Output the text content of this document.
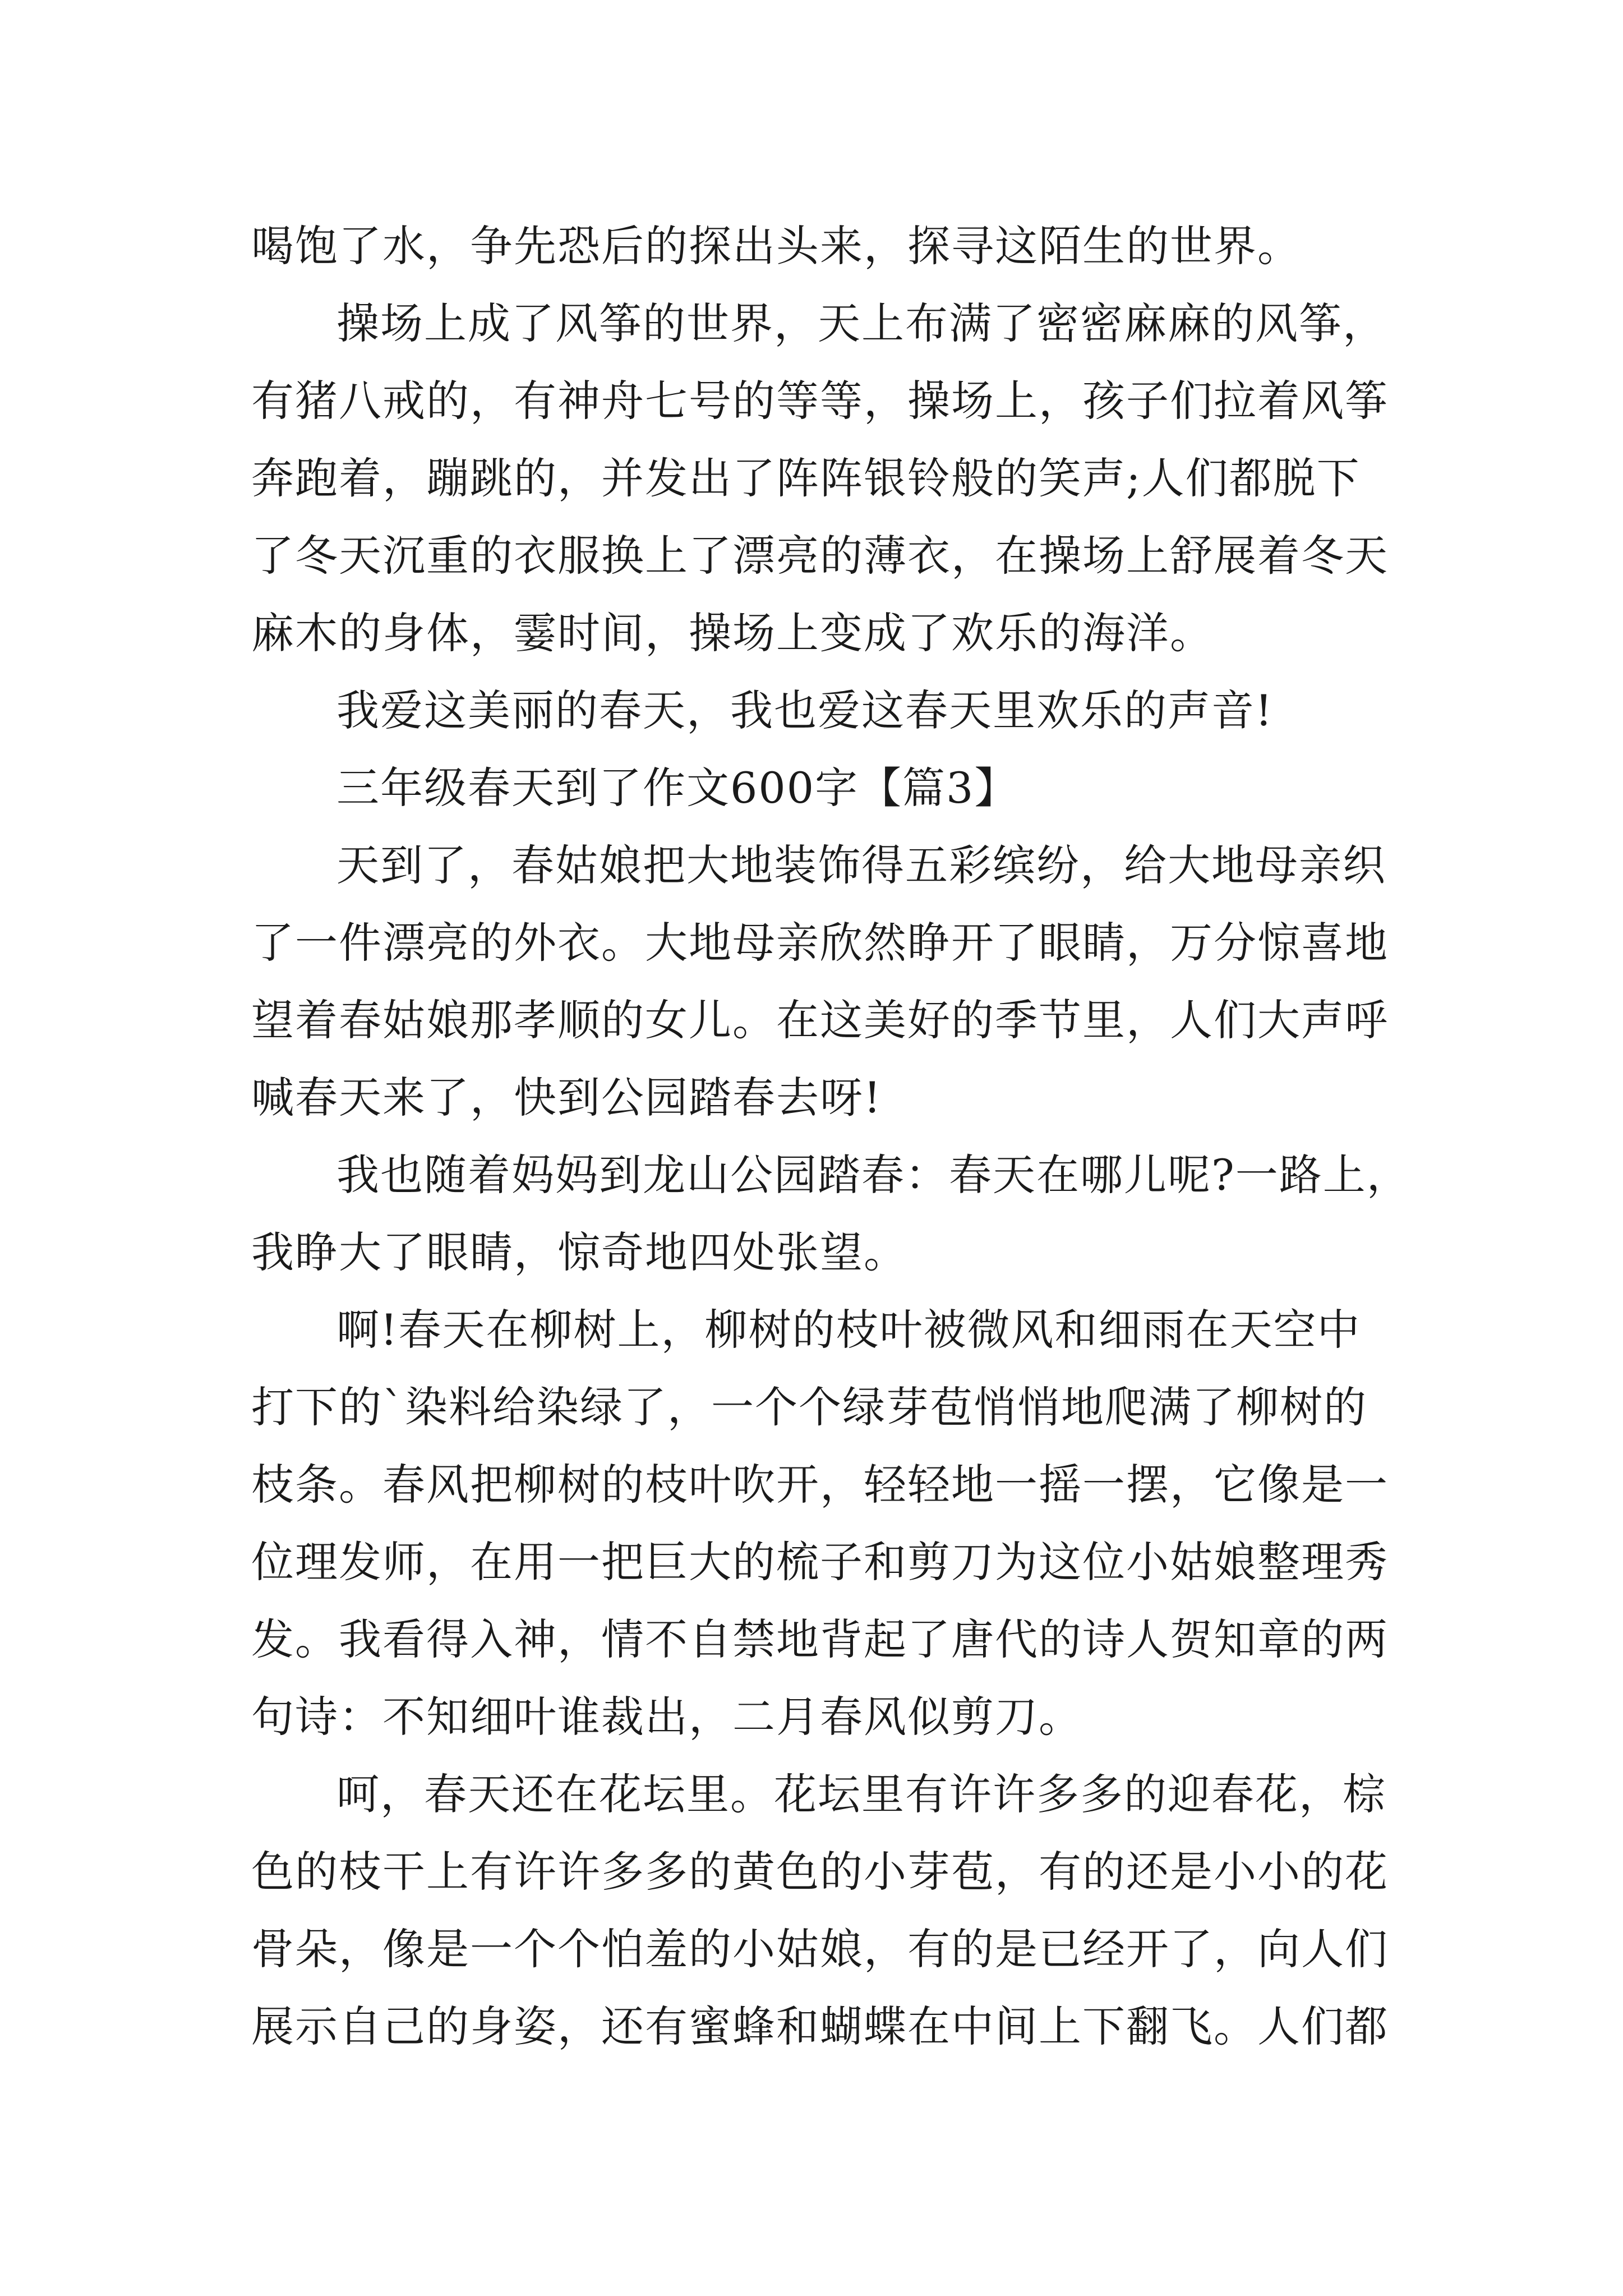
喝饱了水，争先恐后的探出头来，探寻这陌生的世界。
操场上成了风筝的世界，天上布满了密密麻麻的风筝，
有猪八戒的，有神舟七号的等等，操场上，孩子们拉着风筝
奔跑着，蹦跳的，并发出了阵阵银铃般的笑声;人们都脱下
了冬天沉重的衣服换上了漂亮的薄衣，在操场上舒展着冬天
麻木的身体，霎时间，操场上变成了欢乐的海洋。
我爱这美丽的春天，我也爱这春天里欢乐的声音!
三年级春天到了作文600字【篇3】
天到了，春姑娘把大地装饰得五彩缤纷，给大地母亲织
了一件漂亮的外衣。大地母亲欣然睁开了眼睛，万分惊喜地
望着春姑娘那孝顺的女儿。在这美好的季节里，人们大声呼
喊春天来了，快到公园踏春去呀!
我也随着妈妈到龙山公园踏春：春天在哪儿呢?一路上，
我睁大了眼睛，惊奇地四处张望。
啊!春天在柳树上，柳树的枝叶被微风和细雨在天空中
打下的`染料给染绿了，一个个绿芽苞悄悄地爬满了柳树的
枝条。春风把柳树的枝叶吹开，轻轻地一摇一摆，它像是一
位理发师，在用一把巨大的梳子和剪刀为这位小姑娘整理秀
发。我看得入神，情不自禁地背起了唐代的诗人贺知章的两
句诗：不知细叶谁裁出，二月春风似剪刀。
呵，春天还在花坛里。花坛里有许许多多的迎春花，棕
色的枝干上有许许多多的黄色的小芽苞，有的还是小小的花
骨朵，像是一个个怕羞的小姑娘，有的是已经开了，向人们
展示自己的身姿，还有蜜蜂和蝴蝶在中间上下翻飞。人们都
